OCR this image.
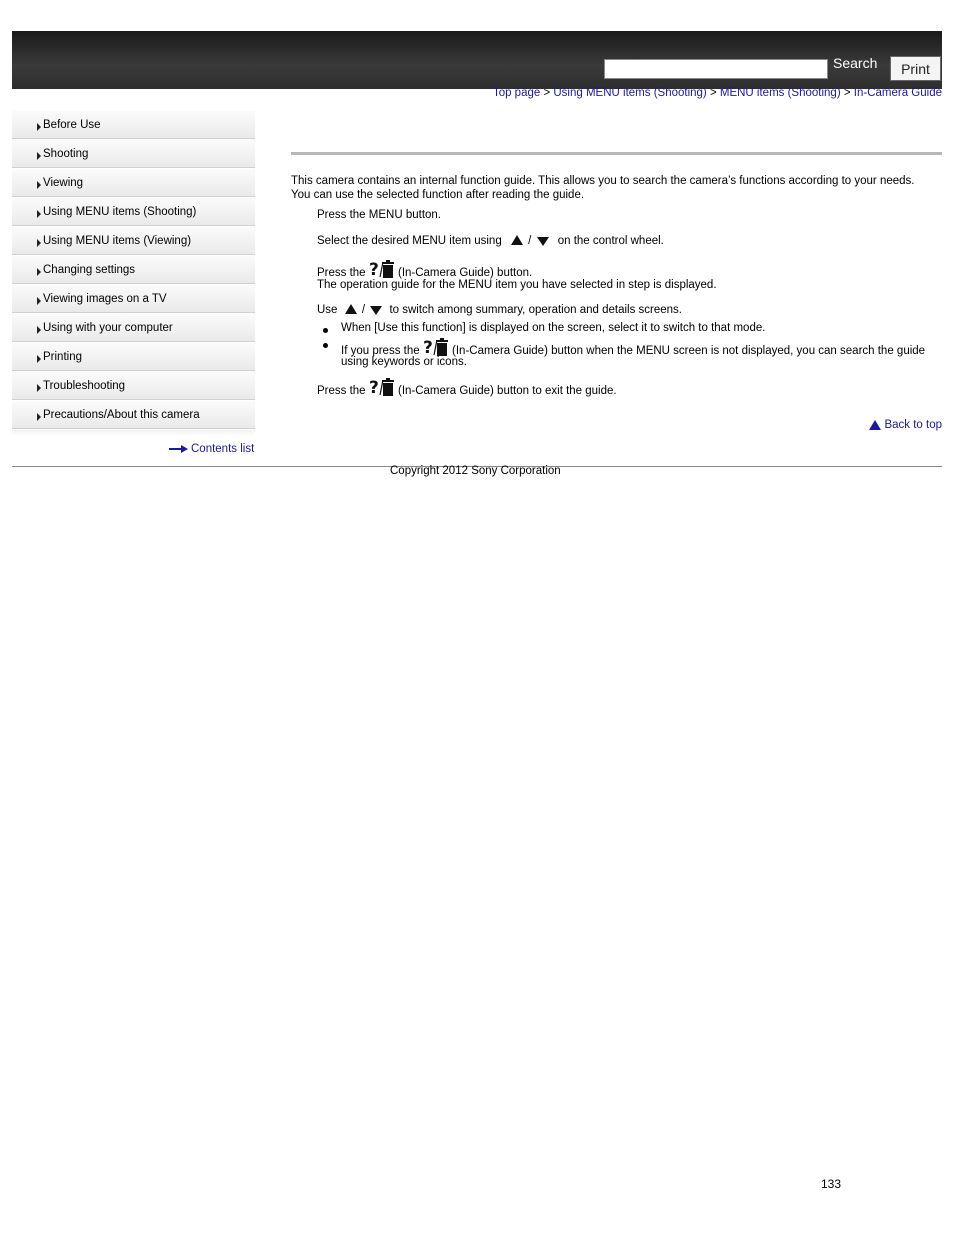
Search	Print
Top page > Using MENU items (Shooting) > MENU items (Shooting) > In-Camera Guide
Before Use
Shooting
Viewing
Using MENU items (Shooting)
Using MENU items (Viewing)
Changing settings
Viewing images on a TV
Using with your computer
Printing
Troubleshooting
Precautions/About this camera
Contents list
This camera contains an internal function guide. This allows you to search the camera’s functions according to your needs.
You can use the selected function after reading the guide.
Press the MENU button.
Select the desired MENU item using / on the control wheel.
Press the ? (In-Camera Guide) button.
The operation guide for the MENU item you have selected in step is displayed.
Use / to switch among summary, operation and details screens.
When [Use this function] is displayed on the screen, select it to switch to that mode.
If you press the ? (In-Camera Guide) button when the MENU screen is not displayed, you can search the guide
using keywords or icons.
Press the ? (In-Camera Guide) button to exit the guide.
Back to top
Copyright 2012 Sony Corporation
133
